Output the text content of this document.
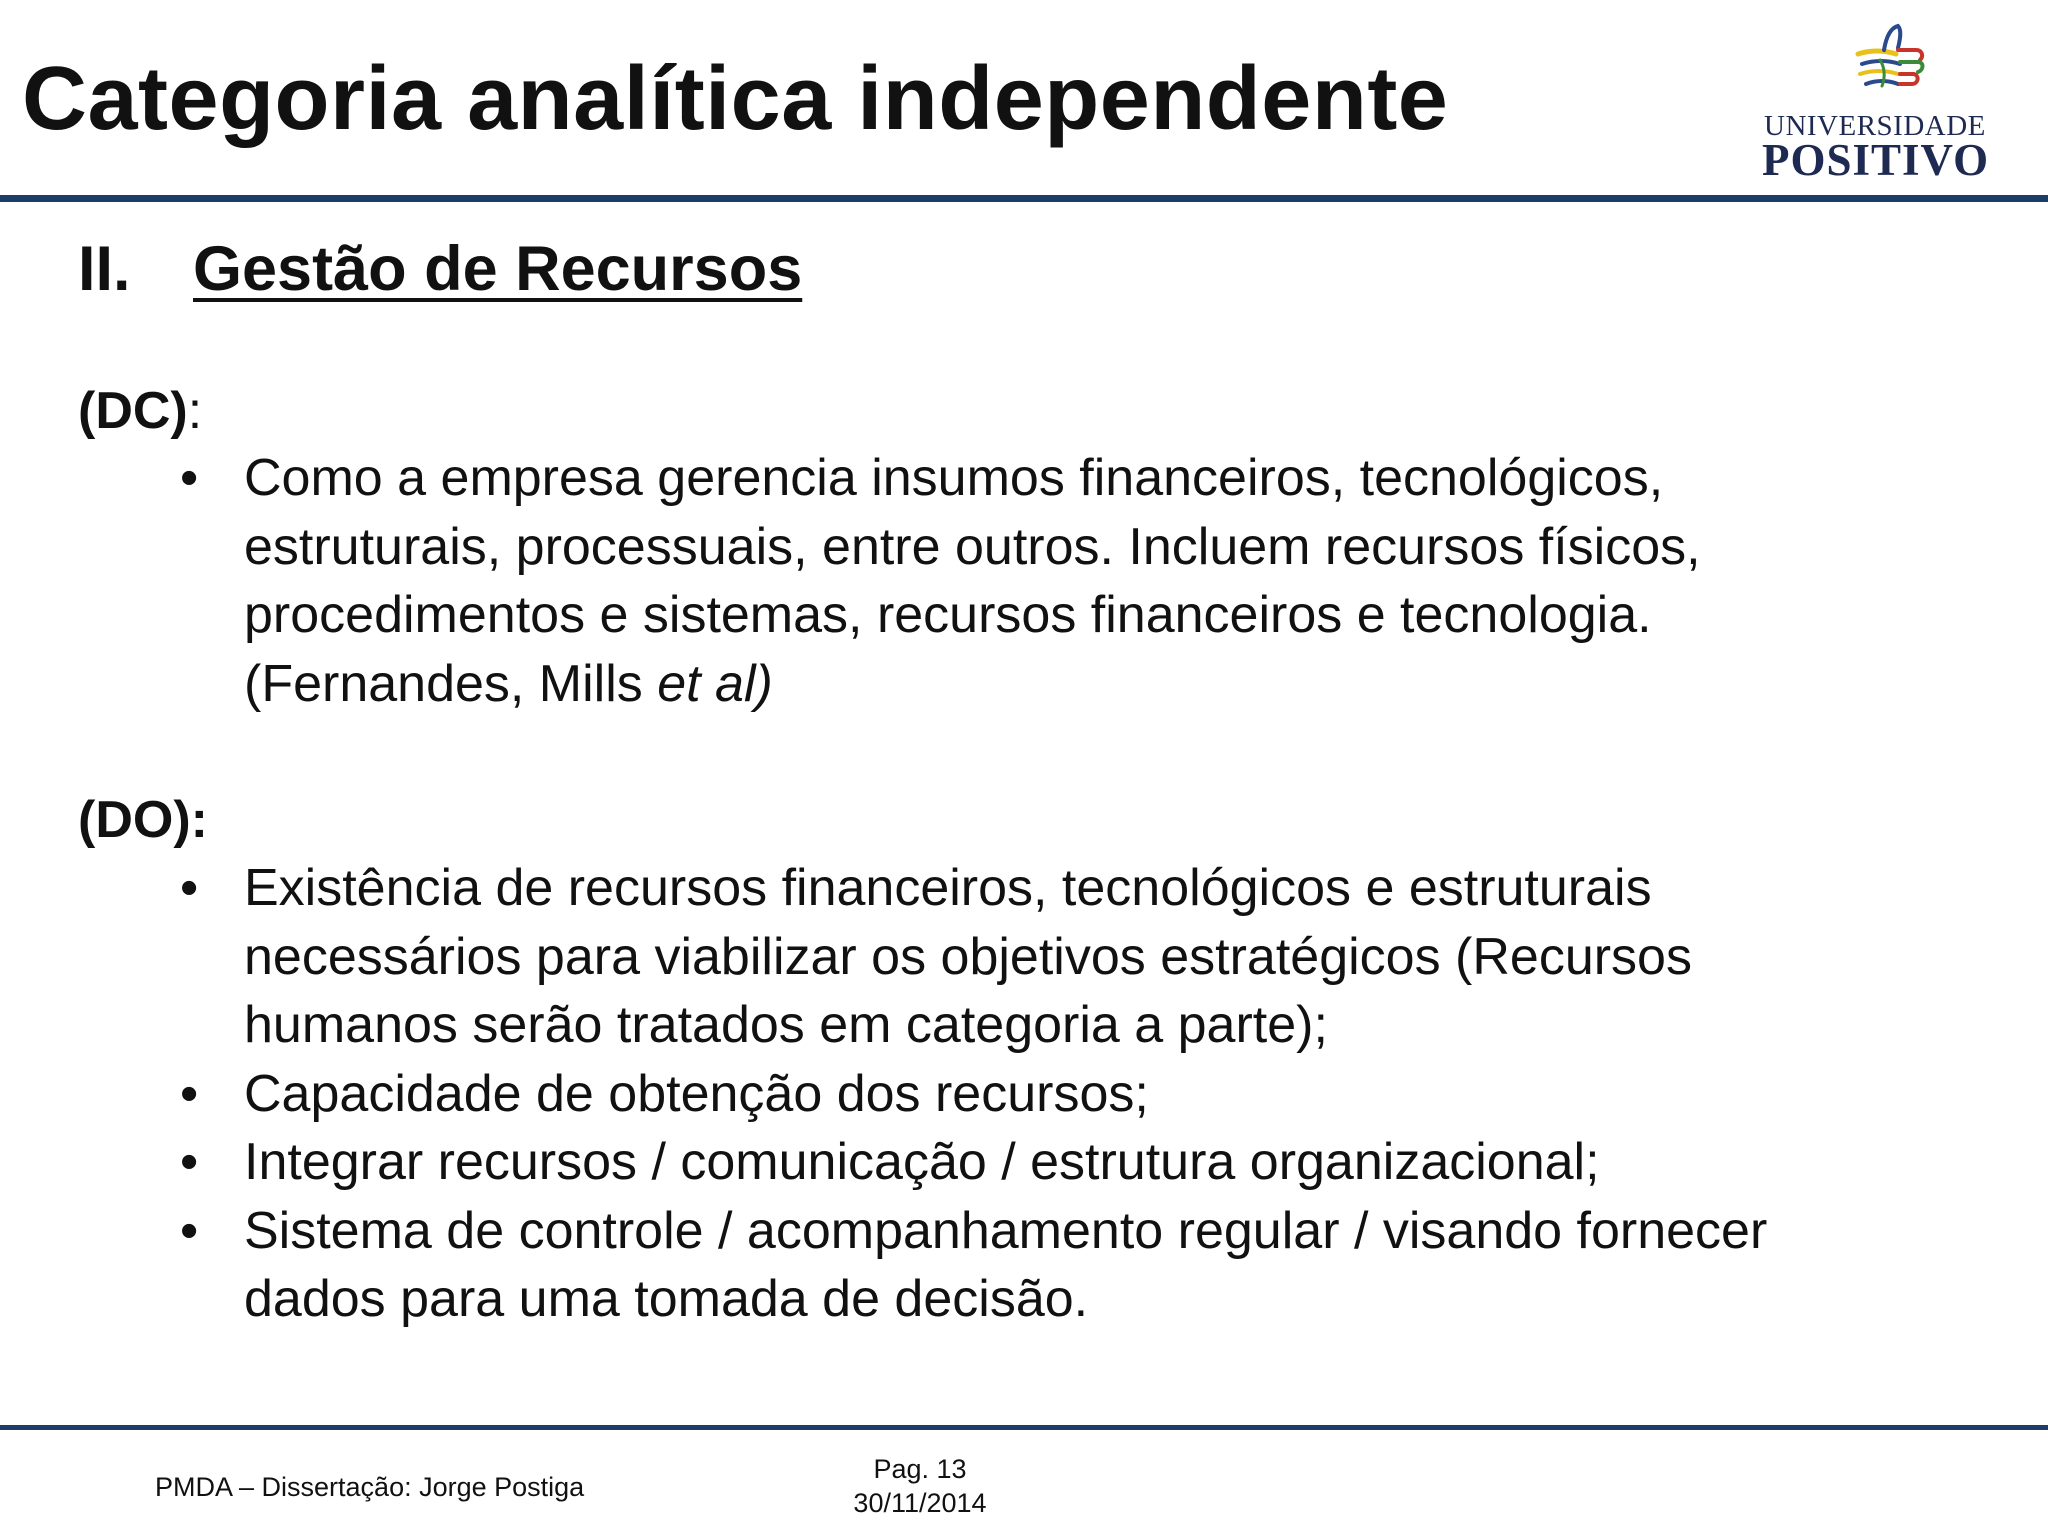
Categoria analítica independente	UNIVERSIDADE
POSITIVO
II. Gestão de Recursos

(DC):

• Como a empresa gerencia insumos financeiros, tecnológicos,
estruturais, processuais, entre outros. Incluem recursos físicos,
procedimentos e sistemas, recursos financeiros e tecnologia.
(Fernandes, Mills et al)

(DO):

• Existência de recursos financeiros, tecnológicos e estruturais
necessários para viabilizar os objetivos estratégicos (Recursos
humanos serão tratados em categoria a parte);
• Capacidade de obtenção dos recursos;
• Integrar recursos / comunicação / estrutura organizacional;
• Sistema de controle / acompanhamento regular / visando fornecer
dados para uma tomada de decisão.
PMDA – Dissertação: Jorge Postiga
Pag. 13
30/11/2014
